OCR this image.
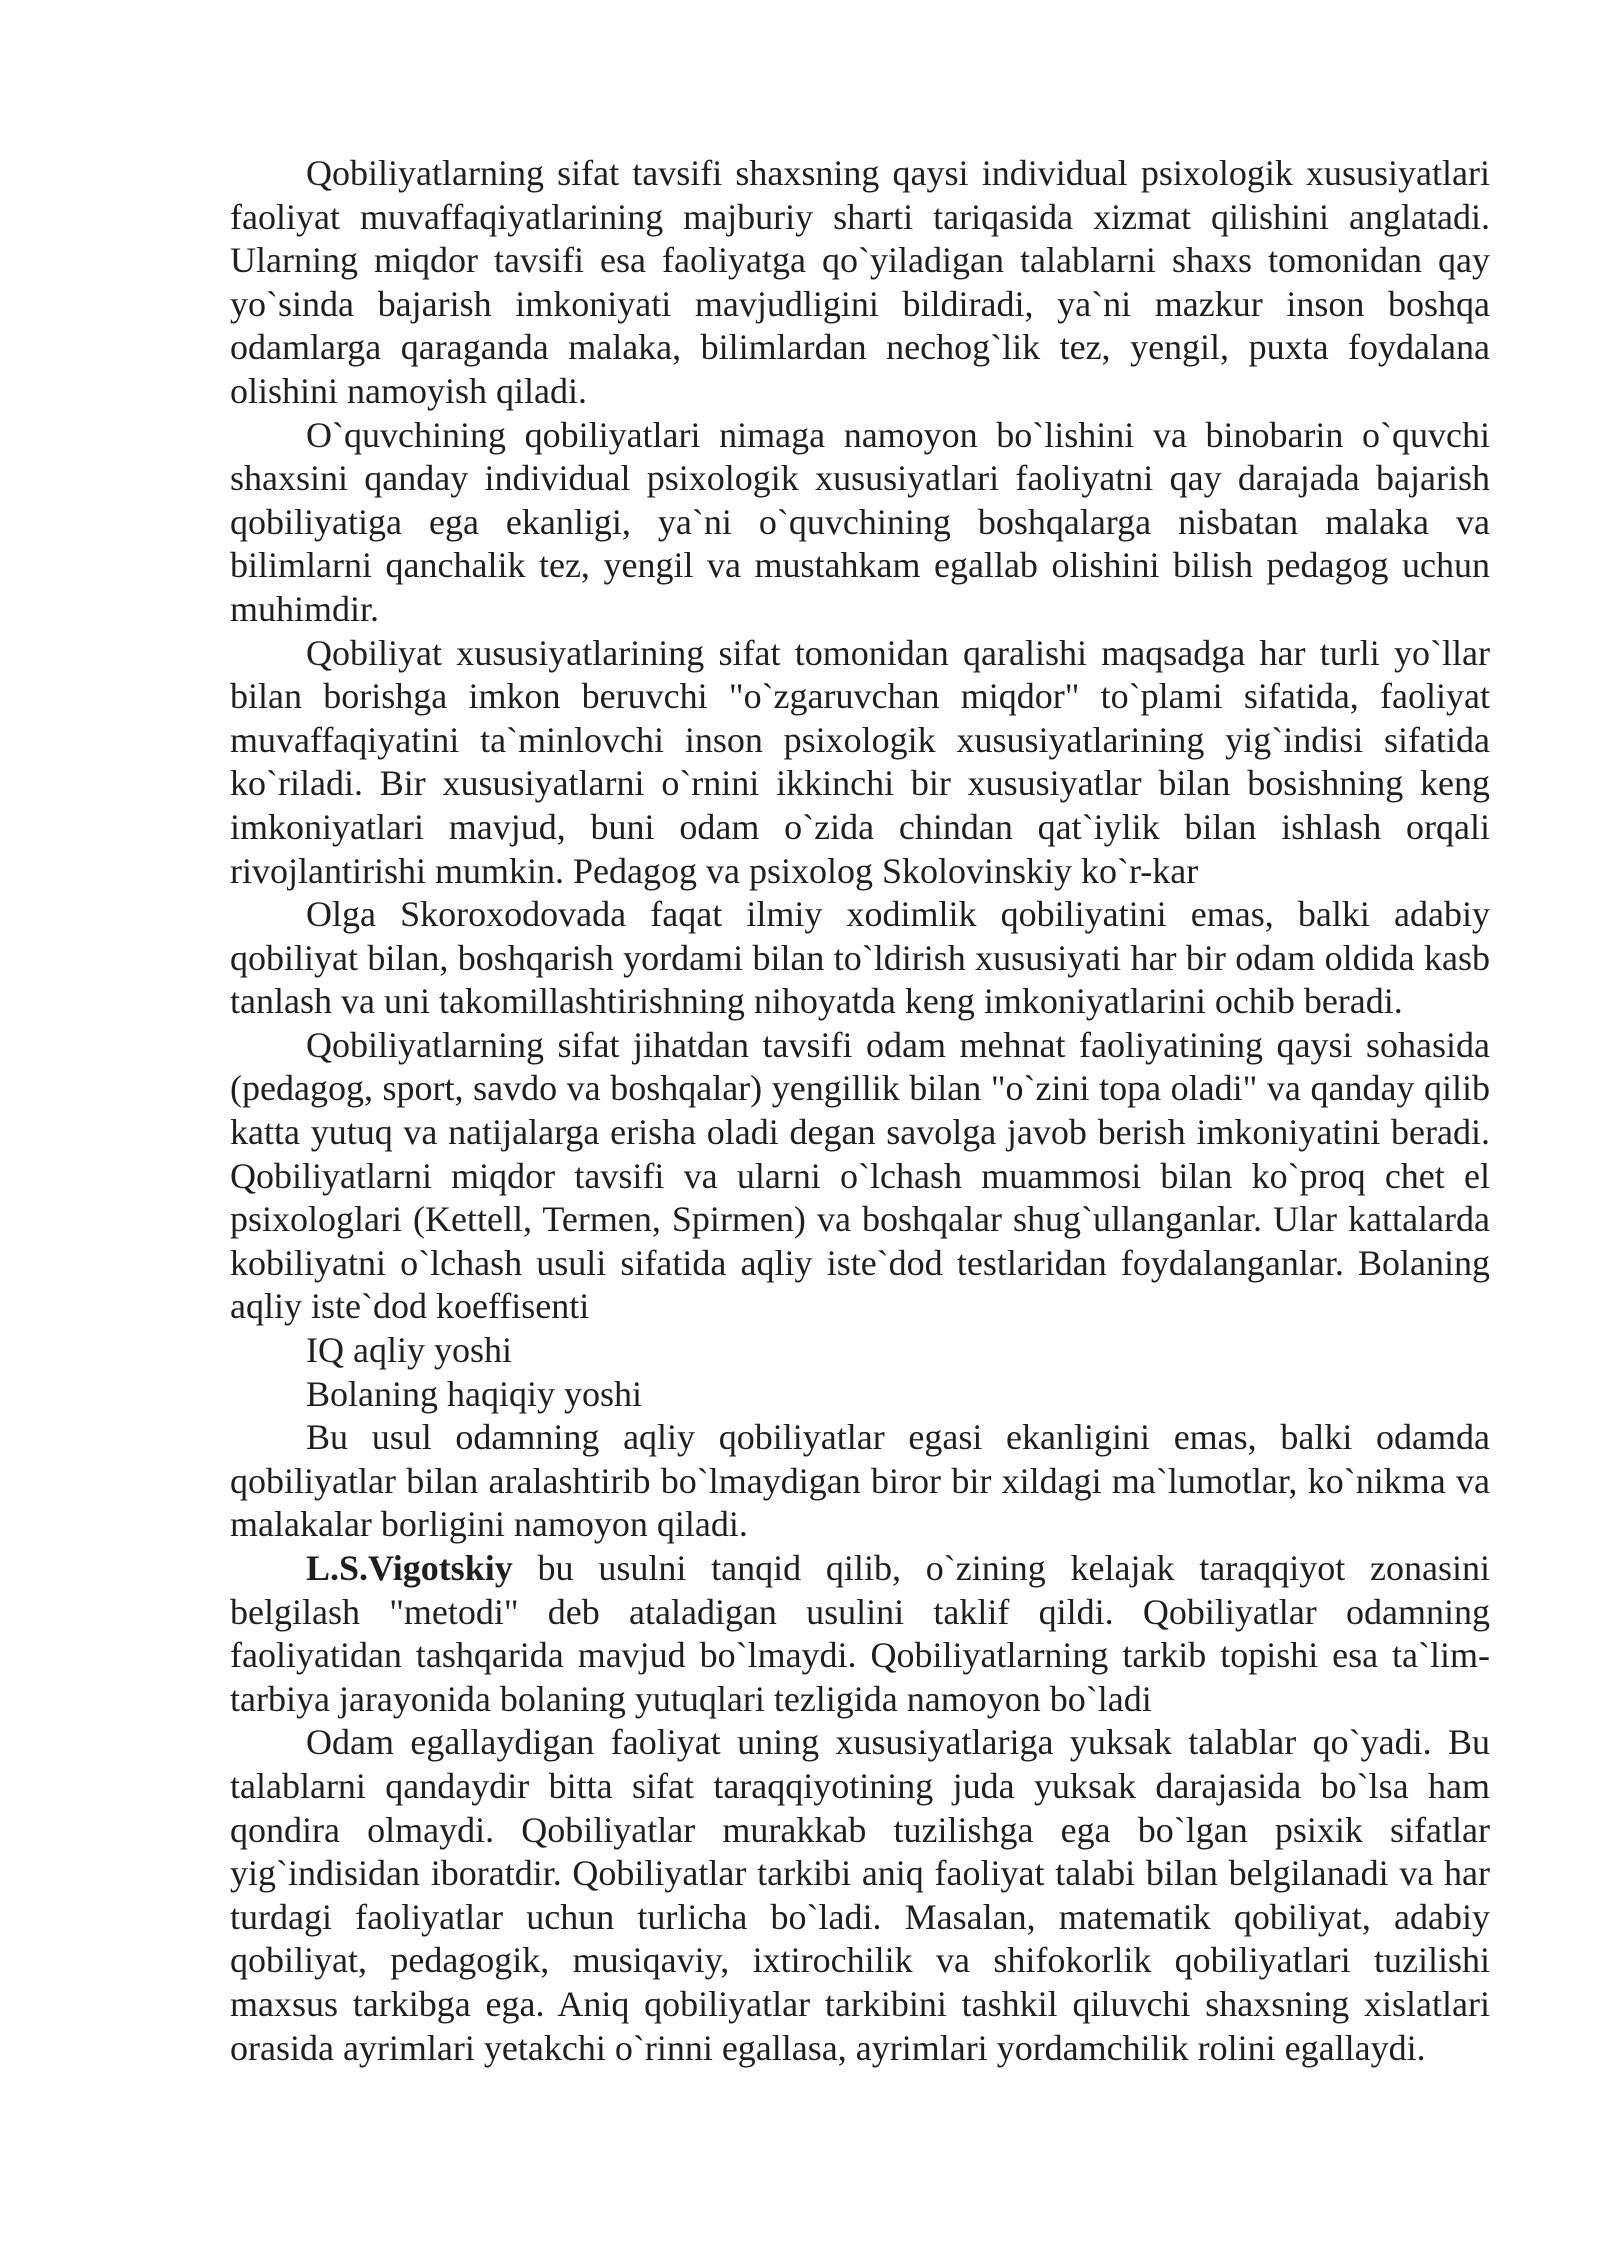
Qobiliyatlarning sifat tavsifi shaxsning qaysi individual psixologik xususiyatlari faoliyat muvaffaqiyatlarining majburiy sharti tariqasida xizmat qilishini anglatadi. Ularning miqdor tavsifi esa faoliyatga qo`yiladigan talablarni shaxs tomonidan qay yo`sinda bajarish imkoniyati mavjudligini bildiradi, ya`ni mazkur inson boshqa odamlarga qaraganda malaka, bilimlardan nechog`lik tez, yengil, puxta foydalana olishini namoyish qiladi.

O`quvchining qobiliyatlari nimaga namoyon bo`lishini va binobarin o`quvchi shaxsini qanday individual psixologik xususiyatlari faoliyatni qay darajada bajarish qobiliyatiga ega ekanligi, ya`ni o`quvchining boshqalarga nisbatan malaka va bilimlarni qanchalik tez, yengil va mustahkam egallab olishini bilish pedagog uchun muhimdir.

Qobiliyat xususiyatlarining sifat tomonidan qaralishi maqsadga har turli yo`llar bilan borishga imkon beruvchi "o`zgaruvchan miqdor" to`plami sifatida, faoliyat muvaffaqiyatini ta`minlovchi inson psixologik xususiyatlarining yig`indisi sifatida ko`riladi. Bir xususiyatlarni o`rnini ikkinchi bir xususiyatlar bilan bosishning keng imkoniyatlari mavjud, buni odam o`zida chindan qat`iylik bilan ishlash orqali rivojlantirishi mumkin. Pedagog va psixolog Skolovinskiy ko`r-kar

Olga Skoroxodovada faqat ilmiy xodimlik qobiliyatini emas, balki adabiy qobiliyat bilan, boshqarish yordami bilan to`ldirish xususiyati har bir odam oldida kasb tanlash va uni takomillashtirishning nihoyatda keng imkoniyatlarini ochib beradi.

Qobiliyatlarning sifat jihatdan tavsifi odam mehnat faoliyatining qaysi sohasida (pedagog, sport, savdo va boshqalar) yengillik bilan "o`zini topa oladi" va qanday qilib katta yutuq va natijalarga erisha oladi degan savolga javob berish imkoniyatini beradi. Qobiliyatlarni miqdor tavsifi va ularni o`lchash muammosi bilan ko`proq chet el psixologlari (Kettell, Termen, Spirmen) va boshqalar shug`ullanganlar. Ular kattalarda kobiliyatni o`lchash usuli sifatida aqliy iste`dod testlaridan foydalanganlar. Bolaning aqliy iste`dod koeffisenti

IQ aqliy yoshi

Bolaning haqiqiy yoshi

Bu usul odamning aqliy qobiliyatlar egasi ekanligini emas, balki odamda qobiliyatlar bilan aralashtirib bo`lmaydigan biror bir xildagi ma`lumotlar, ko`nikma va malakalar borligini namoyon qiladi.

L.S.Vigotskiy bu usulni tanqid qilib, o`zining kelajak taraqqiyot zonasini belgilash "metodi" deb ataladigan usulini taklif qildi. Qobiliyatlar odamning faoliyatidan tashqarida mavjud bo`lmaydi. Qobiliyatlarning tarkib topishi esa ta`lim-tarbiya jarayonida bolaning yutuqlari tezligida namoyon bo`ladi

Odam egallaydigan faoliyat uning xususiyatlariga yuksak talablar qo`yadi. Bu talablarni qandaydir bitta sifat taraqqiyotining juda yuksak darajasida bo`lsa ham qondira olmaydi. Qobiliyatlar murakkab tuzilishga ega bo`lgan psixik sifatlar yig`indisidan iboratdir. Qobiliyatlar tarkibi aniq faoliyat talabi bilan belgilanadi va har turdagi faoliyatlar uchun turlicha bo`ladi. Masalan, matematik qobiliyat, adabiy qobiliyat, pedagogik, musiqaviy, ixtirochilik va shifokorlik qobiliyatlari tuzilishi maxsus tarkibga ega. Aniq qobiliyatlar tarkibini tashkil qiluvchi shaxsning xislatlari orasida ayrimlari yetakchi o`rinni egallasa, ayrimlari yordamchilik rolini egallaydi.
